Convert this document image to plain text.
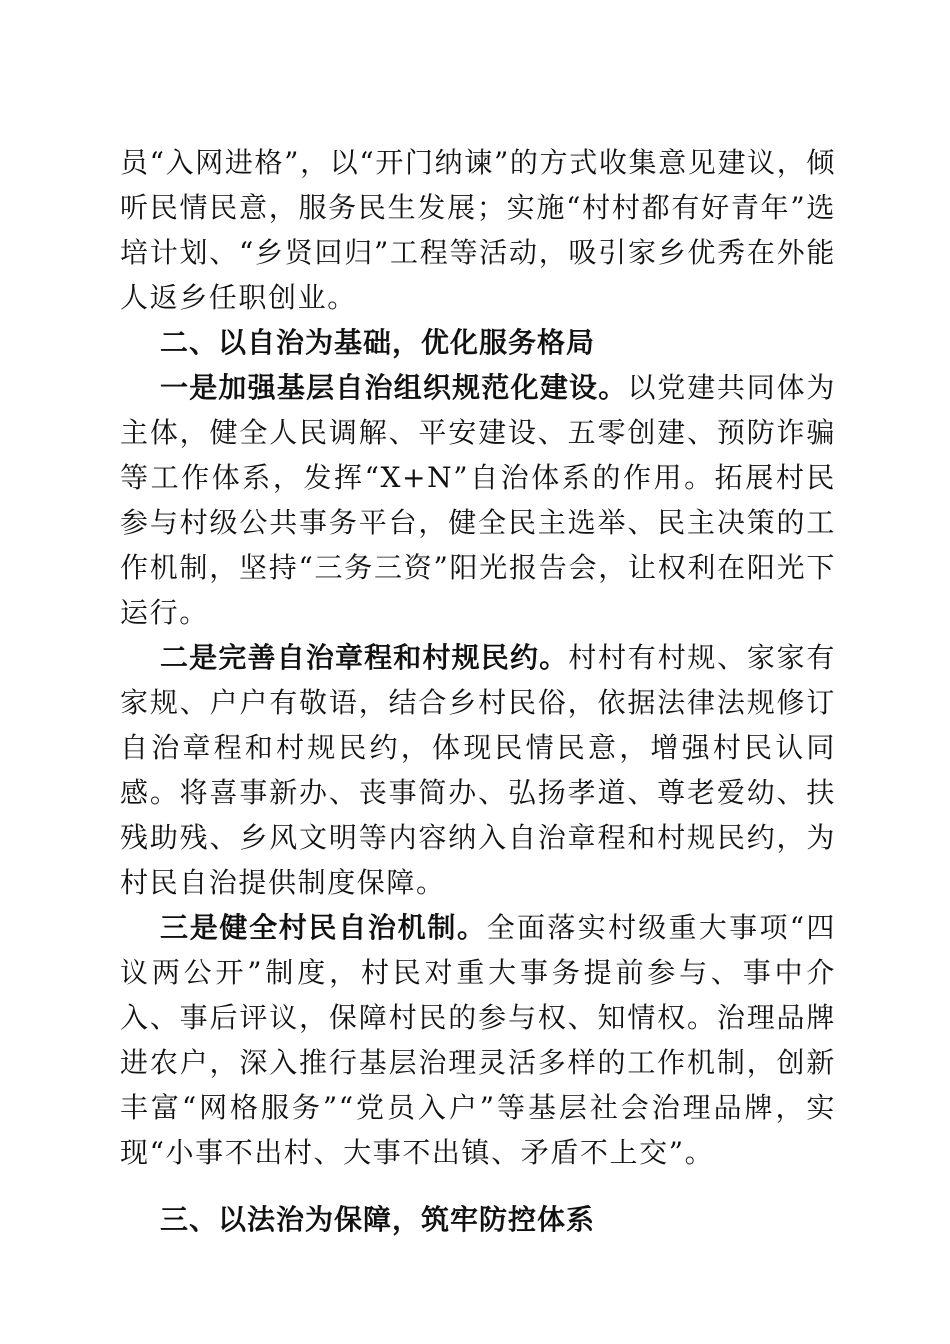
员“入网进格”，以“开门纳谏”的方式收集意见建议，倾听民情民意，服务民生发展；实施“村村都有好青年”选培计划、“乡贤回归”工程等活动，吸引家乡优秀在外能人返乡任职创业。

二、以自治为基础，优化服务格局

一是加强基层自治组织规范化建设。以党建共同体为主体，健全人民调解、平安建设、五零创建、预防诈骗等工作体系，发挥“X+N”自治体系的作用。拓展村民参与村级公共事务平台，健全民主选举、民主决策的工作机制，坚持“三务三资”阳光报告会，让权利在阳光下运行。

二是完善自治章程和村规民约。村村有村规、家家有家规、户户有敬语，结合乡村民俗，依据法律法规修订自治章程和村规民约，体现民情民意，增强村民认同感。将喜事新办、丧事简办、弘扬孝道、尊老爱幼、扶残助残、乡风文明等内容纳入自治章程和村规民约，为村民自治提供制度保障。

三是健全村民自治机制。全面落实村级重大事项“四议两公开”制度，村民对重大事务提前参与、事中介入、事后评议，保障村民的参与权、知情权。治理品牌进农户，深入推行基层治理灵活多样的工作机制，创新丰富“网格服务”“党员入户”等基层社会治理品牌，实现“小事不出村、大事不出镇、矛盾不上交”。

三、以法治为保障，筑牢防控体系
